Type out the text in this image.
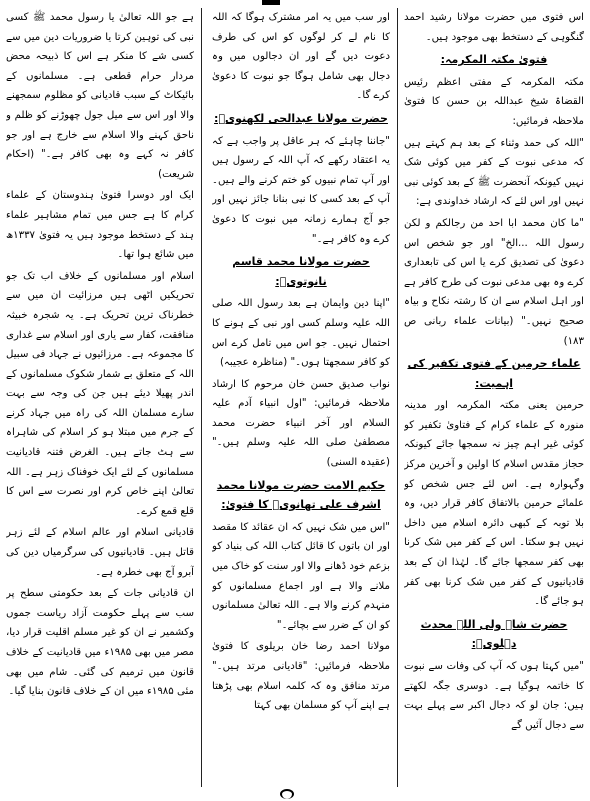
اس فتوی میں حضرت مولانا رشید احمد گنگوہی کے دستخط بھی موجود ہیں۔

فتویٰ مکتہ المکرمہ:

مکتہ المکرمہ کے مفتی اعظم رئیس القضاۃ شیخ عبداللہ بن حسن کا فتویٰ ملاحظہ فرمائیں:

"اللہ کی حمد وثناء کے بعد ہم کہتے ہیں کہ مدعی نبوت کے کفر میں کوئی شک نہیں کیونکہ آنحضرت ﷺ کے بعد کوئی نبی نہیں اور اس لئے کہ ارشاد خداوندی ہے:

"ما کان محمد ابا احد من رجالکم و لکن رسول اللہ ...الخ" اور جو شخص اس دعویٰ کی تصدیق کرے یا اس کی تابعداری کرے وہ بھی مدعی نبوت کی طرح کافر ہے اور اہل اسلام سے ان کا رشتہ نکاح و بیاہ صحیح نہیں۔" (بیانات علماء ربانی ص ۱۸۳)

علماء حرمین کے فتوی تکفیر کی اہمیت:

حرمین یعنی مکتہ المکرمہ اور مدینہ منورہ کے علماء کرام کے فتاویٰ تکفیر کو کوئی غیر اہم چیز نہ سمجھا جائے کیونکہ حجاز مقدس اسلام کا اولین و آخرین مرکز وگہوارہ ہے۔ اس لئے جس شخص کو علمائے حرمین بالاتفاق کافر قرار دیں، وہ بلا توبہ کے کبھی دائرہ اسلام میں داخل نہیں ہو سکتا۔ اس کے کفر میں شک کرنا بھی کفر سمجھا جائے گا۔ لہٰذا ان کے بعد قادیانیوں کے کفر میں شک کرنا بھی کفر ہو جائے گا۔

حضرت شاہ ولی اللہ محدث دہلویؒ:

"میں کہتا ہوں کہ آپ کی وفات سے نبوت کا خاتمہ ہوگیا ہے۔ دوسری جگہ لکھتے ہیں: جان لو کہ دجال اکبر سے پہلے بہت سے دجال آئیں گے

اور سب میں یہ امر مشترک ہوگا کہ اللہ کا نام لے کر لوگوں کو اس کی طرف دعوت دیں گے اور ان دجالوں میں وہ دجال بھی شامل ہوگا جو نبوت کا دعویٰ کرے گا۔

حضرت مولانا عبدالحی لکھنویؒ:

"جاننا چاہئے کہ ہر عاقل پر واجب ہے کہ یہ اعتقاد رکھے کہ آپ اللہ کے رسول ہیں اور آپ تمام نبیوں کو ختم کرنے والے ہیں۔ آپ کے بعد کسی کا نبی بنانا جائز نہیں اور جو آج ہمارے زمانہ میں نبوت کا دعویٰ کرے وہ کافر ہے۔"

حضرت مولانا محمد قاسم نانوتویؒ:

"اپنا دین وایمان ہے بعد رسول اللہ صلی اللہ علیہ وسلم کسی اور نبی کے ہونے کا احتمال نہیں۔ جو اس میں تامل کرے اس کو کافر سمجھتا ہوں۔" (مناظرہ عجیبہ)

نواب صدیق حسن خان مرحوم کا ارشاد ملاحظہ فرمائیں: "اول انبیاء آدم علیہ السلام اور آخر انبیاء حضرت محمد مصطفیٰ صلی اللہ علیہ وسلم ہیں۔" (عقیدہ السنی)

حکیم الامت حضرت مولانا محمد اشرف علی تھانویؒ کا فتویٰ:

"اس میں شک نہیں کہ ان عقائد کا مقصد اور ان باتوں کا قائل کتاب اللہ کی بنیاد کو بزعم خود ڈھانے والا اور سنت کو خاک میں ملانے والا ہے اور اجماع مسلمانوں کو منہدم کرنے والا ہے۔ اللہ تعالیٰ مسلمانوں کو ان کے ضرر سے بچائے۔"

مولانا احمد رضا خان بریلوی کا فتویٰ ملاحظہ فرمائیں: "قادیانی مرتد ہیں۔" مرتد منافق وہ کہ کلمہ اسلام بھی پڑھتا ہے اپنے آپ کو مسلمان بھی کہتا

ہے جو اللہ تعالیٰ یا رسول محمد ﷺ کسی نبی کی توہین کرتا یا ضروریات دین میں سے کسی شے کا منکر ہے اس کا ذبیحہ محض مردار حرام قطعی ہے۔ مسلمانوں کے بائیکاٹ کے سبب قادیانی کو مظلوم سمجھنے والا اور اس سے میل جول چھوڑنے کو ظلم و ناحق کہنے والا اسلام سے خارج ہے اور جو کافر نہ کہے وہ بھی کافر ہے۔" (احکام شریعت)

ایک اور دوسرا فتویٰ ہندوستان کے علماء کرام کا ہے جس میں تمام مشاہیر علماء ہند کے دستخط موجود ہیں یہ فتویٰ ۱۳۳۷ھ میں شائع ہوا تھا۔

اسلام اور مسلمانوں کے خلاف اب تک جو تحریکیں اٹھی ہیں مرزائیت ان میں سے خطرناک ترین تحریک ہے۔ یہ شجرہ خبیثہ منافقت، کفار سے یاری اور اسلام سے غداری کا مجموعہ ہے۔ مرزائیوں نے جہاد فی سبیل اللہ کے متعلق بے شمار شکوک مسلمانوں کے اندر پھیلا دیئے ہیں جن کی وجہ سے بہت سارے مسلمان اللہ کی راہ میں جہاد کرنے کے جرم میں مبتلا ہو کر اسلام کی شاہراہ سے ہٹ جاتے ہیں۔ الغرض فتنہ قادیانیت مسلمانوں کے لئے ایک خوفناک زہر ہے۔ اللہ تعالیٰ اپنے خاص کرم اور نصرت سے اس کا قلع قمع کرے۔

قادیانی اسلام اور عالم اسلام کے لئے زہر قاتل ہیں۔ قادیانیوں کی سرگرمیاں دین کی آبرو آج بھی خطرہ ہے۔

ان قادیانی جات کے بعد حکومتی سطح پر سب سے پہلے حکومت آزاد ریاست جموں وکشمیر نے ان کو غیر مسلم اقلیت قرار دیا، مصر میں بھی ۱۹۸۵ء میں قادیانیت کے خلاف قانون میں ترمیم کی گئی۔ شام میں بھی مئی ۱۹۸۵ء میں ان کے خلاف قانون بنایا گیا۔
